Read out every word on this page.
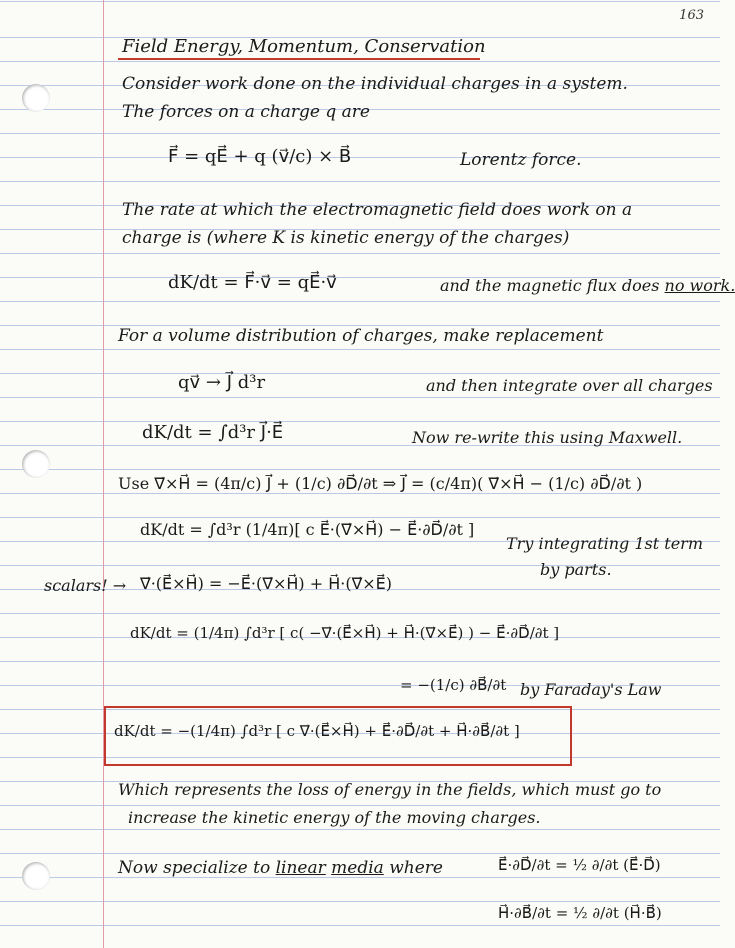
163
Field Energy, Momentum, Conservation
Consider work done on the individual charges in a system.
The forces on a charge q are
F⃗ = qE⃗ + q (v⃗/c) × B⃗	Lorentz force.
The rate at which the electromagnetic field does work on a
charge is (where K is kinetic energy of the charges)
dK/dt = F⃗·v⃗ = qE⃗·v⃗	and the magnetic flux does no work.
For a volume distribution of charges, make replacement
qv⃗ → J⃗ d³r	and then integrate over all charges
dK/dt = ∫d³r J⃗·E⃗	Now re-write this using Maxwell.
Use ∇⃗×H⃗ = (4π/c) J⃗ + (1/c) ∂D⃗/∂t ⇒ J⃗ = (c/4π)( ∇⃗×H⃗ − (1/c) ∂D⃗/∂t )
dK/dt = ∫d³r (1/4π)[ c E⃗·(∇⃗×H⃗) − E⃗·∂D⃗/∂t ]
Try integrating 1st term
by parts.
scalars! → ∇⃗·(E⃗×H⃗) = −E⃗·(∇⃗×H⃗) + H⃗·(∇⃗×E⃗)
dK/dt = (1/4π) ∫d³r [ c( −∇⃗·(E⃗×H⃗) + H⃗·(∇⃗×E⃗) ) − E⃗·∂D⃗/∂t ]
= −(1/c) ∂B⃗/∂t by Faraday's Law
dK/dt = −(1/4π) ∫d³r [ c ∇⃗·(E⃗×H⃗) + E⃗·∂D⃗/∂t + H⃗·∂B⃗/∂t ]
Which represents the loss of energy in the fields, which must go to
increase the kinetic energy of the moving charges.
Now specialize to linear media where	E⃗·∂D⃗/∂t = ½ ∂/∂t (E⃗·D⃗)
H⃗·∂B⃗/∂t = ½ ∂/∂t (H⃗·B⃗)
